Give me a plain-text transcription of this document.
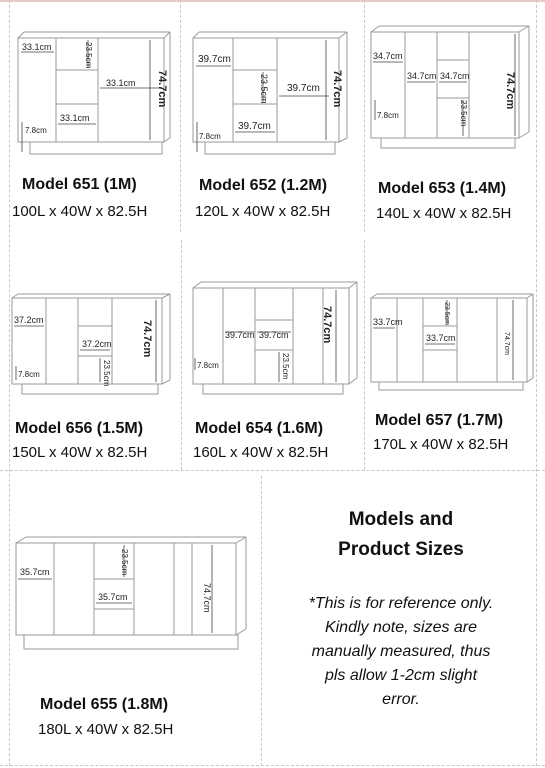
33.1cm	23.5cm
33.1cm
33.1cm
74.7cm
7.8cm
Model 651 (1M)
100L x 40W x 82.5H
39.7cm
23.5cm 39.7cm
39.7cm
74.7cm
7.8cm
Model 652 (1.2M)
120L x 40W x 82.5H
34.7cm
34.7cm 34.7cm
23.5cm
74.7cm
7.8cm
Model 653 (1.4M)
140L x 40W x 82.5H
37.2cm
37.2cm
23.5cm
74.7cm
7.8cm
Model 656 (1.5M)
150L x 40W x 82.5H
39.7cm 39.7cm
23.5cm
74.7cm
7.8cm
Model 654 (1.6M)
160L x 40W x 82.5H
33.7cm	23.5cm
33.7cm	74.7cm
Model 657 (1.7M)
170L x 40W x 82.5H
35.7cm	23.5cm
35.7cm	74.7cm
Model 655 (1.8M)
180L x 40W x 82.5H
Models and
Product Sizes
*This is for reference only.
Kindly note, sizes are
manually measured, thus
pls allow 1-2cm slight
error.
